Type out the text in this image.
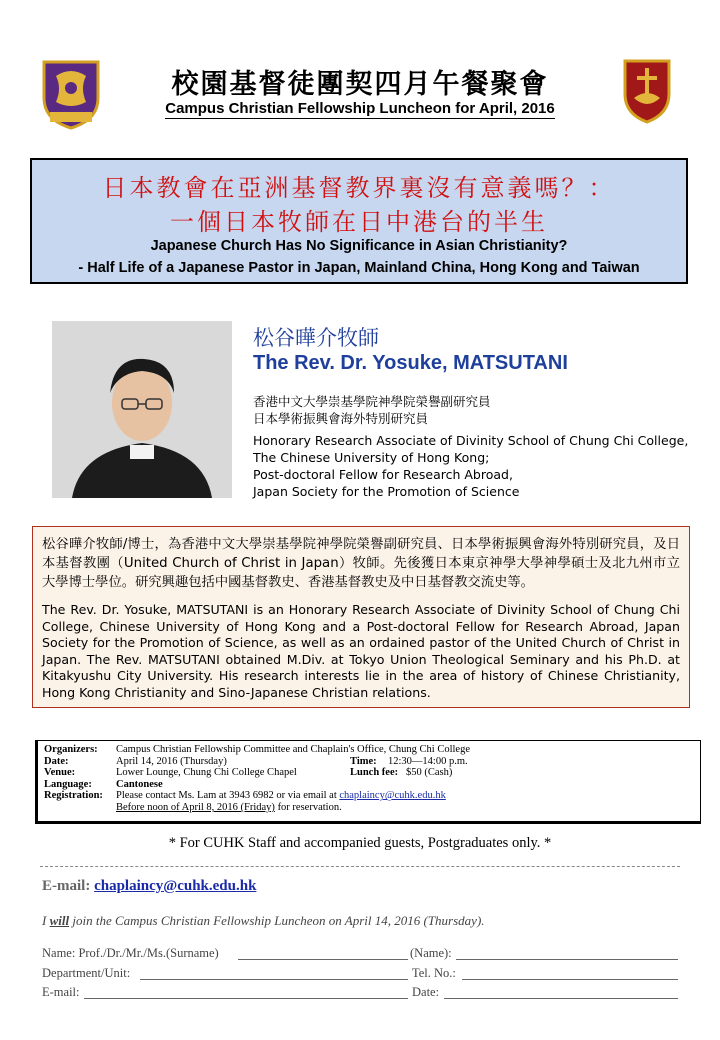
校園基督徒團契四月午餐聚會
Campus Christian Fellowship Luncheon for April, 2016
日本教會在亞洲基督教界裏沒有意義嗎？：
一個日本牧師在日中港台的半生
Japanese Church Has No Significance in Asian Christianity?
- Half Life of a Japanese Pastor in Japan, Mainland China, Hong Kong and Taiwan
松谷曄介牧師
The Rev. Dr. Yosuke, MATSUTANI
香港中文大學崇基學院神學院榮譽副研究員
日本學術振興會海外特別研究員
Honorary Research Associate of Divinity School of Chung Chi College,
The Chinese University of Hong Kong;
Post-doctoral Fellow for Research Abroad,
Japan Society for the Promotion of Science
松谷曄介牧師/博士，為香港中文大學崇基學院神學院榮譽副研究員、日本學術振興會海外特別研究員，及日本基督教團（United Church of Christ in Japan）牧師。先後獲日本東京神學大學神學碩士及北九州市立大學博士學位。研究興趣包括中國基督教史、香港基督教史及中日基督教交流史等。
The Rev. Dr. Yosuke, MATSUTANI is an Honorary Research Associate of Divinity School of Chung Chi College, Chinese University of Hong Kong and a Post-doctoral Fellow for Research Abroad, Japan Society for the Promotion of Science, as well as an ordained pastor of the United Church of Christ in Japan. The Rev. MATSUTANI obtained M.Div. at Tokyo Union Theological Seminary and his Ph.D. at Kitakyushu City University. His research interests lie in the area of history of Chinese Christianity, Hong Kong Christianity and Sino-Japanese Christian relations.
Organizers: Campus Christian Fellowship Committee and Chaplain's Office, Chung Chi College
Date:	April 14, 2016 (Thursday)	Time: 12:30—14:00 p.m.
Venue:	Lower Lounge, Chung Chi College Chapel	Lunch fee: $50 (Cash)
Language: Cantonese
Registration: Please contact Ms. Lam at 3943 6982 or via email at chaplaincy@cuhk.edu.hk
Before noon of April 8, 2016 (Friday) for reservation.
* For CUHK Staff and accompanied guests, Postgraduates only. *
E-mail: chaplaincy@cuhk.edu.hk
I will join the Campus Christian Fellowship Luncheon on April 14, 2016 (Thursday).
Name: Prof./Dr./Mr./Ms.(Surname)	(Name):
Department/Unit:	Tel. No.:
E-mail:	Date:
